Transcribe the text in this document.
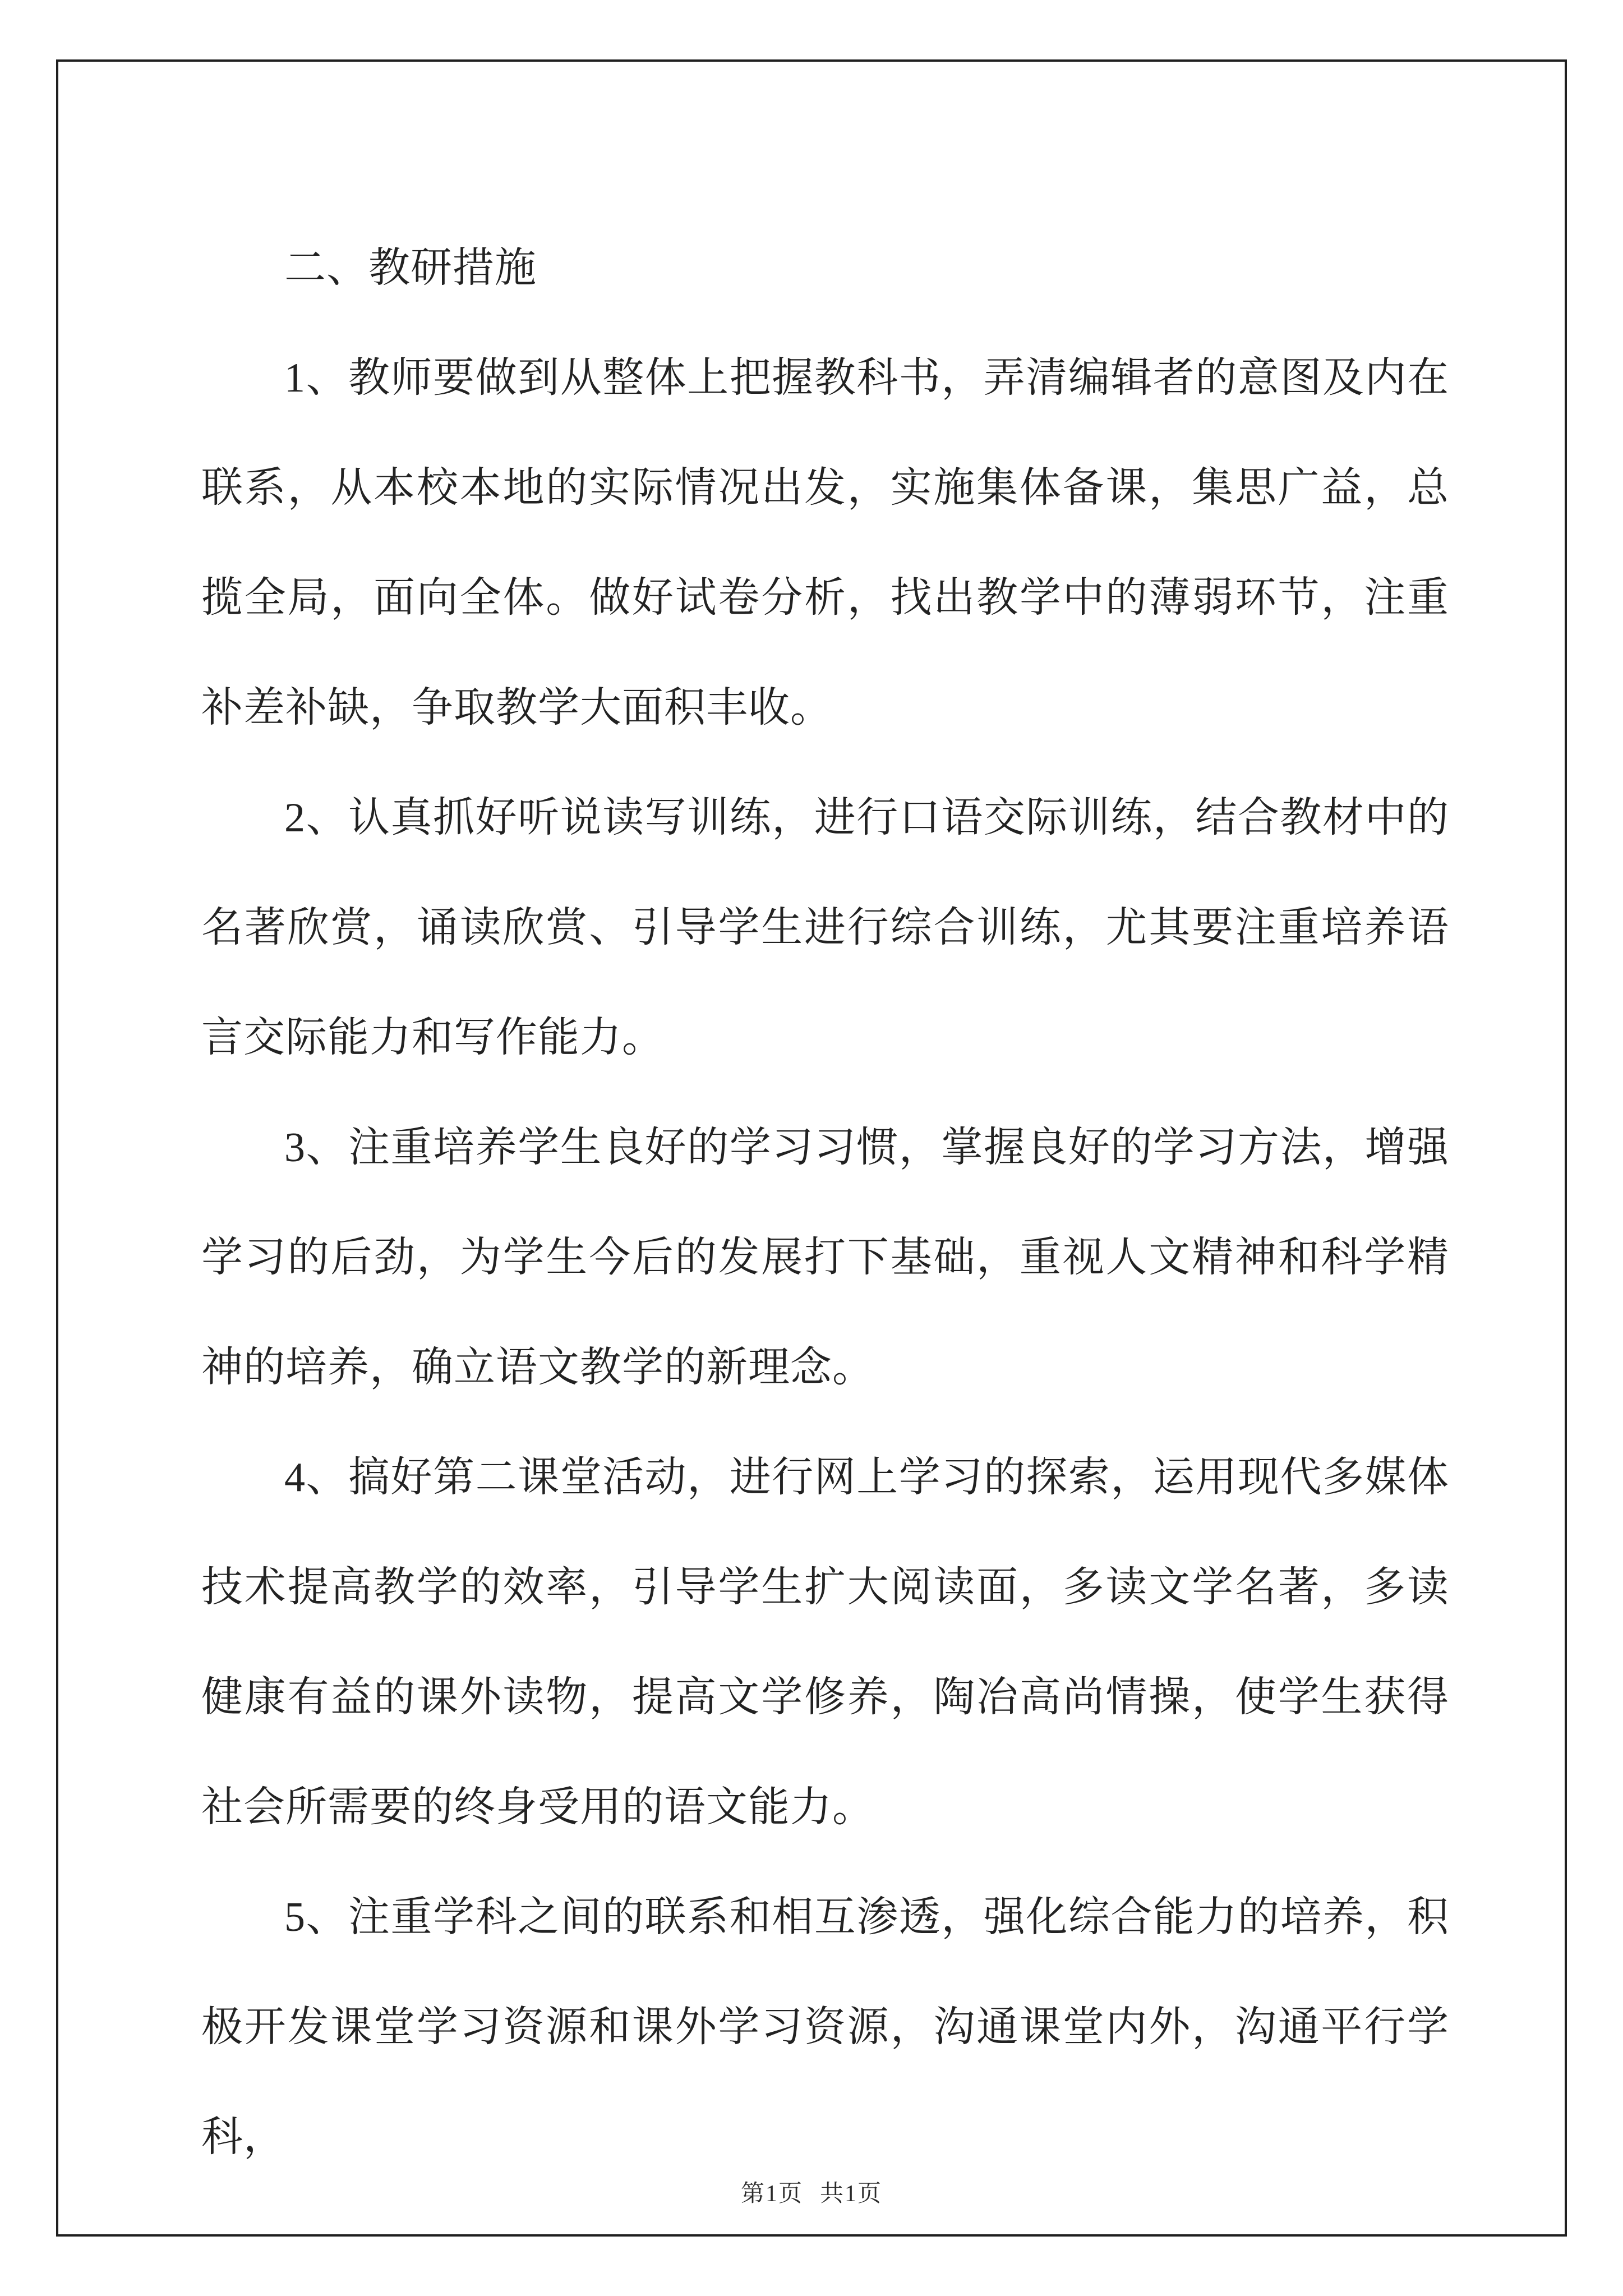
二、教研措施

1、教师要做到从整体上把握教科书，弄清编辑者的意图及内在联系，从本校本地的实际情况出发，实施集体备课，集思广益，总揽全局，面向全体。做好试卷分析，找出教学中的薄弱环节，注重补差补缺，争取教学大面积丰收。

2、认真抓好听说读写训练，进行口语交际训练，结合教材中的名著欣赏，诵读欣赏、引导学生进行综合训练，尤其要注重培养语言交际能力和写作能力。

3、注重培养学生良好的学习习惯，掌握良好的学习方法，增强学习的后劲，为学生今后的发展打下基础，重视人文精神和科学精神的培养，确立语文教学的新理念。

4、搞好第二课堂活动，进行网上学习的探索，运用现代多媒体技术提高教学的效率，引导学生扩大阅读面，多读文学名著，多读健康有益的课外读物，提高文学修养，陶冶高尚情操，使学生获得社会所需要的终身受用的语文能力。

5、注重学科之间的联系和相互渗透，强化综合能力的培养，积极开发课堂学习资源和课外学习资源，沟通课堂内外，沟通平行学科，

第1页 共1页
